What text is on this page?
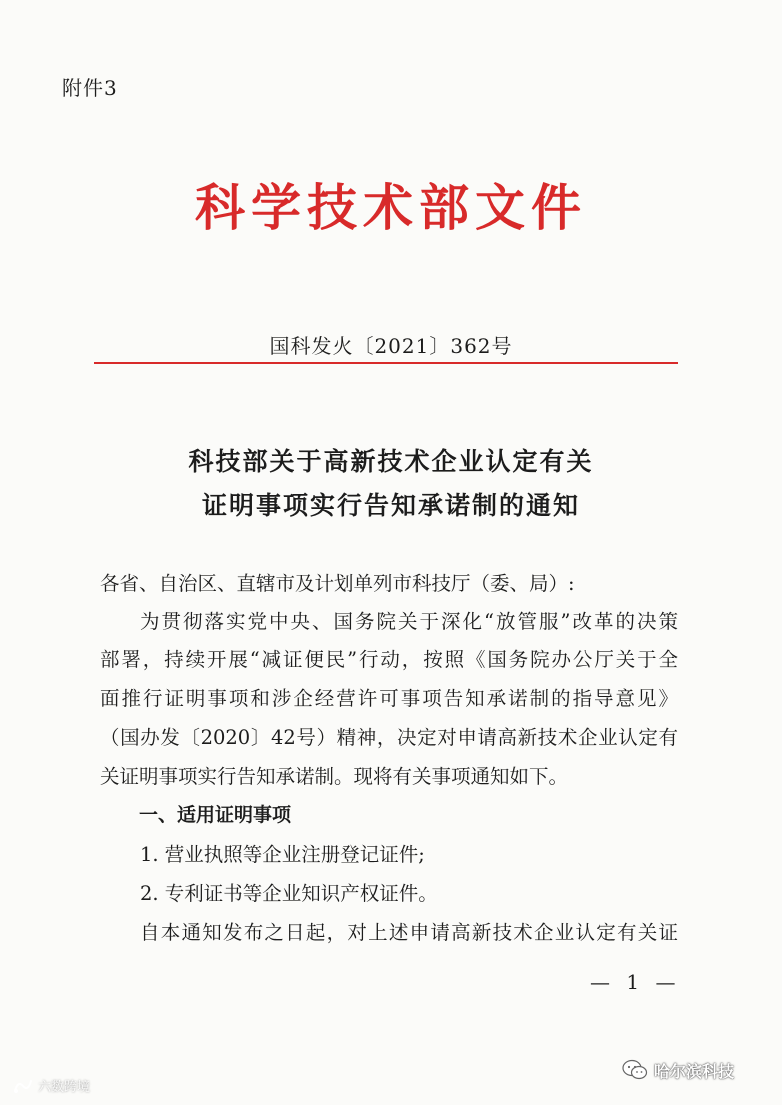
附件3
科学技术部文件
国科发火〔2021〕362号
科技部关于高新技术企业认定有关
证明事项实行告知承诺制的通知
各省、自治区、直辖市及计划单列市科技厅（委、局）:
为贯彻落实党中央、国务院关于深化“放管服”改革的决策
部署，持续开展“减证便民”行动，按照《国务院办公厅关于全
面推行证明事项和涉企经营许可事项告知承诺制的指导意见》
（国办发〔2020〕42号）精神，决定对申请高新技术企业认定有
关证明事项实行告知承诺制。现将有关事项通知如下。
一、适用证明事项
1. 营业执照等企业注册登记证件;
2. 专利证书等企业知识产权证件。
自本通知发布之日起，对上述申请高新技术企业认定有关证
— 1 —
哈尔滨科技
六数跨境
